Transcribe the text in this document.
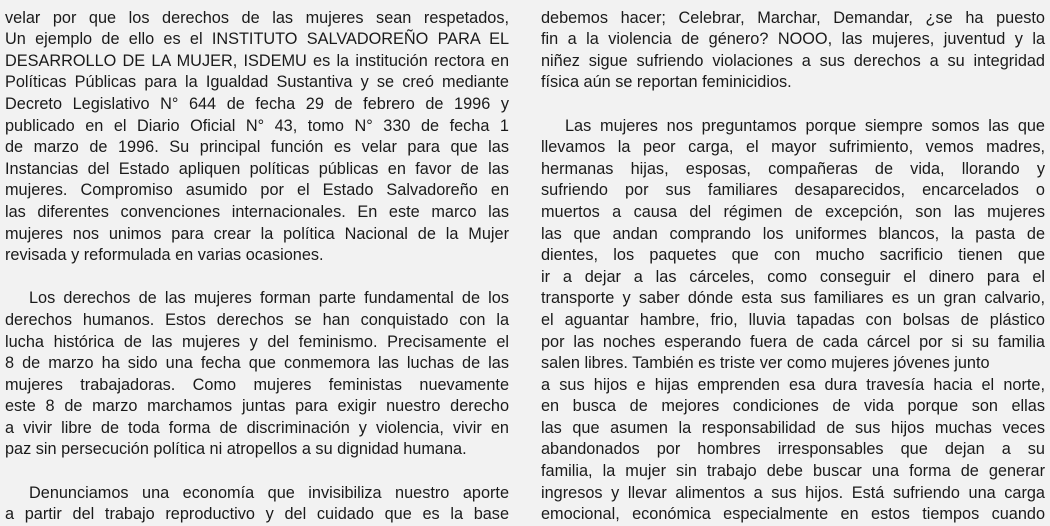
velar por que los derechos de las mujeres sean respetados,
Un ejemplo de ello es el INSTITUTO SALVADOREÑO PARA EL
DESARROLLO DE LA MUJER, ISDEMU es la institución rectora en
Políticas Públicas para la Igualdad Sustantiva y se creó mediante
Decreto Legislativo N° 644 de fecha 29 de febrero de 1996 y
publicado en el Diario Oficial N° 43, tomo N° 330 de fecha 1
de marzo de 1996. Su principal función es velar para que las
Instancias del Estado apliquen políticas públicas en favor de las
mujeres. Compromiso asumido por el Estado Salvadoreño en
las diferentes convenciones internacionales. En este marco las
mujeres nos unimos para crear la política Nacional de la Mujer
revisada y reformulada en varias ocasiones.
Los derechos de las mujeres forman parte fundamental de los
derechos humanos. Estos derechos se han conquistado con la
lucha histórica de las mujeres y del feminismo. Precisamente el
8 de marzo ha sido una fecha que conmemora las luchas de las
mujeres trabajadoras. Como mujeres feministas nuevamente
este 8 de marzo marchamos juntas para exigir nuestro derecho
a vivir libre de toda forma de discriminación y violencia, vivir en
paz sin persecución política ni atropellos a su dignidad humana.
Denunciamos una economía que invisibiliza nuestro aporte
a partir del trabajo reproductivo y del cuidado que es la base
debemos hacer; Celebrar, Marchar, Demandar, ¿se ha puesto
fin a la violencia de género? NOOO, las mujeres, juventud y la
niñez sigue sufriendo violaciones a sus derechos a su integridad
física aún se reportan feminicidios.
Las mujeres nos preguntamos porque siempre somos las que
llevamos la peor carga, el mayor sufrimiento, vemos madres,
hermanas hijas, esposas, compañeras de vida, llorando y
sufriendo por sus familiares desaparecidos, encarcelados o
muertos a causa del régimen de excepción, son las mujeres
las que andan comprando los uniformes blancos, la pasta de
dientes, los paquetes que con mucho sacrificio tienen que
ir a dejar a las cárceles, como conseguir el dinero para el
transporte y saber dónde esta sus familiares es un gran calvario,
el aguantar hambre, frio, lluvia tapadas con bolsas de plástico
por las noches esperando fuera de cada cárcel por si su familia
salen libres. También es triste ver como mujeres jóvenes junto
a sus hijos e hijas emprenden esa dura travesía hacia el norte,
en busca de mejores condiciones de vida porque son ellas
las que asumen la responsabilidad de sus hijos muchas veces
abandonados por hombres irresponsables que dejan a su
familia, la mujer sin trabajo debe buscar una forma de generar
ingresos y llevar alimentos a sus hijos. Está sufriendo una carga
emocional, económica especialmente en estos tiempos cuando
